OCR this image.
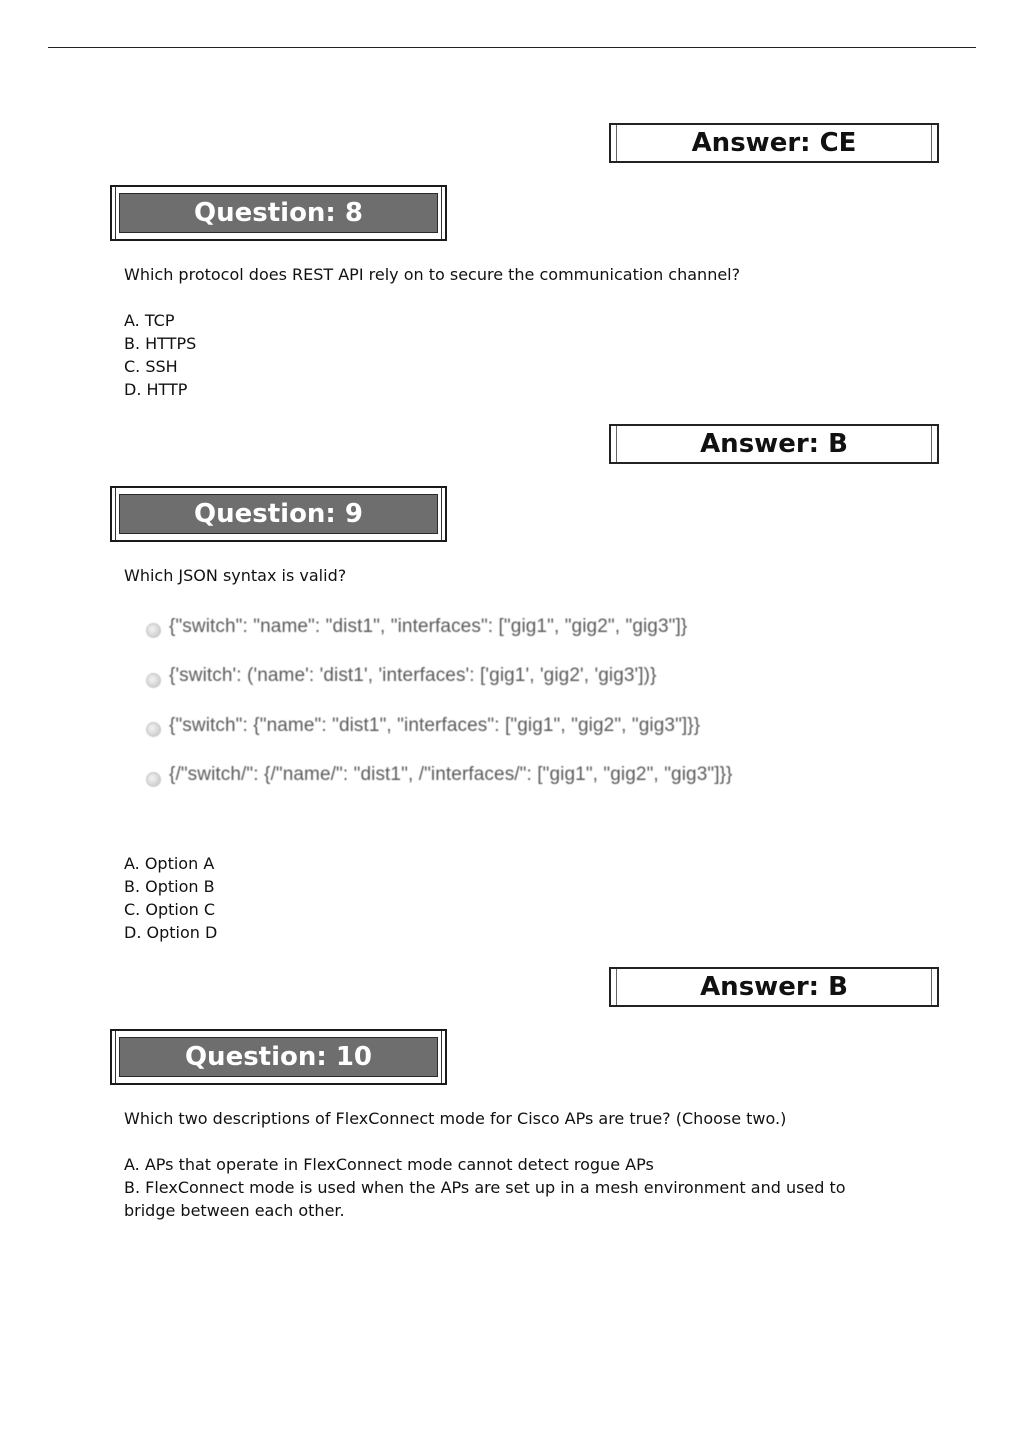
Answer: CE
Question: 8

Which protocol does REST API rely on to secure the communication channel?

A. TCP
B. HTTPS
C. SSH
D. HTTP
Answer: B
Question: 9

Which JSON syntax is valid?

{"switch": "name": "dist1", "interfaces": ["gig1", "gig2", "gig3"]}
{'switch': ('name': 'dist1', 'interfaces': ['gig1', 'gig2', 'gig3'])}
{"switch": {"name": "dist1", "interfaces": ["gig1", "gig2", "gig3"]}}
{/"switch/": {/"name/": "dist1", /"interfaces/": ["gig1", "gig2", "gig3"]}}
A. Option A
B. Option B
C. Option C
D. Option D
Answer: B
Question: 10

Which two descriptions of FlexConnect mode for Cisco APs are true? (Choose two.)

A. APs that operate in FlexConnect mode cannot detect rogue APs
B. FlexConnect mode is used when the APs are set up in a mesh environment and used to bridge between each other.
